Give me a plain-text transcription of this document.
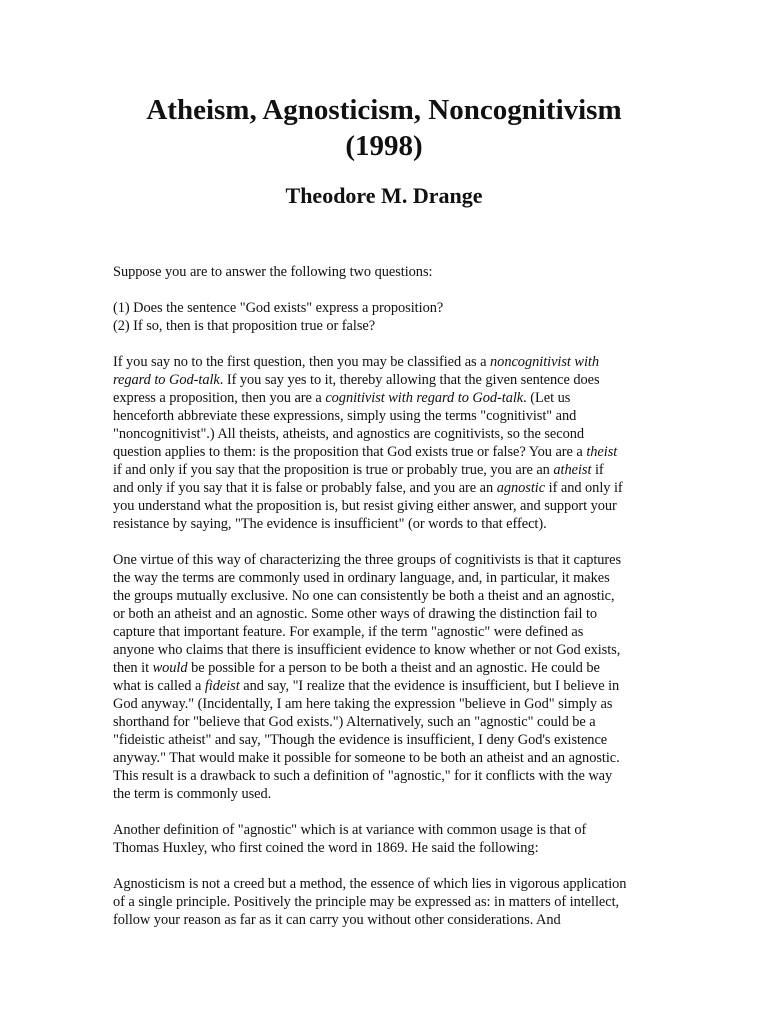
Atheism, Agnosticism, Noncognitivism
(1998)
Theodore M. Drange

Suppose you are to answer the following two questions:

(1) Does the sentence "God exists" express a proposition?
(2) If so, then is that proposition true or false?

If you say no to the first question, then you may be classified as a noncognitivist with
regard to God-talk. If you say yes to it, thereby allowing that the given sentence does
express a proposition, then you are a cognitivist with regard to God-talk. (Let us
henceforth abbreviate these expressions, simply using the terms "cognitivist" and
"noncognitivist".) All theists, atheists, and agnostics are cognitivists, so the second
question applies to them: is the proposition that God exists true or false? You are a theist
if and only if you say that the proposition is true or probably true, you are an atheist if
and only if you say that it is false or probably false, and you are an agnostic if and only if
you understand what the proposition is, but resist giving either answer, and support your
resistance by saying, "The evidence is insufficient" (or words to that effect).

One virtue of this way of characterizing the three groups of cognitivists is that it captures
the way the terms are commonly used in ordinary language, and, in particular, it makes
the groups mutually exclusive. No one can consistently be both a theist and an agnostic,
or both an atheist and an agnostic. Some other ways of drawing the distinction fail to
capture that important feature. For example, if the term "agnostic" were defined as
anyone who claims that there is insufficient evidence to know whether or not God exists,
then it would be possible for a person to be both a theist and an agnostic. He could be
what is called a fideist and say, "I realize that the evidence is insufficient, but I believe in
God anyway." (Incidentally, I am here taking the expression "believe in God" simply as
shorthand for "believe that God exists.") Alternatively, such an "agnostic" could be a
"fideistic atheist" and say, "Though the evidence is insufficient, I deny God's existence
anyway." That would make it possible for someone to be both an atheist and an agnostic.
This result is a drawback to such a definition of "agnostic," for it conflicts with the way
the term is commonly used.

Another definition of "agnostic" which is at variance with common usage is that of
Thomas Huxley, who first coined the word in 1869. He said the following:

Agnosticism is not a creed but a method, the essence of which lies in vigorous application
of a single principle. Positively the principle may be expressed as: in matters of intellect,
follow your reason as far as it can carry you without other considerations. And
